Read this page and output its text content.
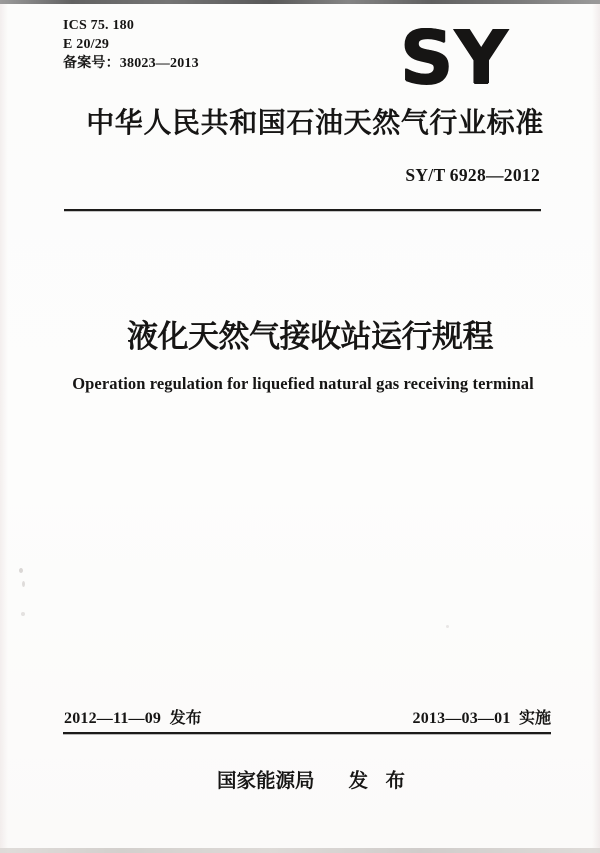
ICS 75. 180
E 20/29
备案号：38023—2013	SY
中华人民共和国石油天然气行业标准
SY/T 6928—2012
液化天然气接收站运行规程
Operation regulation for liquefied natural gas receiving terminal
2012—11—09 发布	2013—03—01 实施
国家能源局 发 布
